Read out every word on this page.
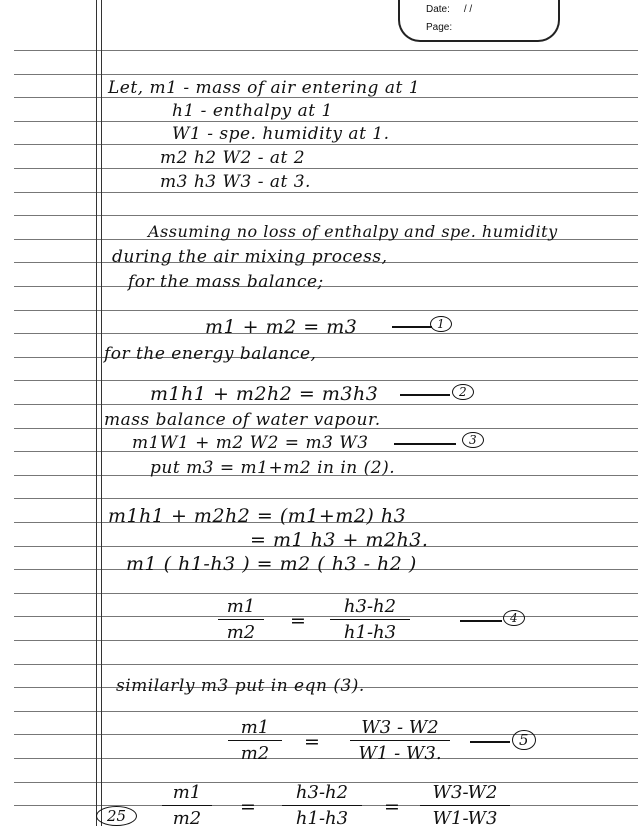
Date: / /
Page:
Let, m1 - mass of air entering at 1
h1 - enthalpy at 1
W1 - spe. humidity at 1.
m2 h2 W2 - at 2
m3 h3 W3 - at 3.
Assuming no loss of enthalpy and spe. humidity
during the air mixing process,
for the mass balance;
m1 + m2 = m3	1
for the energy balance,
m1h1 + m2h2 = m3h3	2
mass balance of water vapour.
m1W1 + m2 W2 = m3 W3	3
put m3 = m1+m2 in in (2).
m1h1 + m2h2 = (m1+m2) h3
= m1 h3 + m2h3.
m1 ( h1-h3 ) = m2 ( h3 - h2 )
m1
m2
=
h3-h2
h1-h3
4
similarly m3 put in eqn (3).
m1
m2
=
W3 - W2
W1 - W3.
5
m1
m2
=
h3-h2
h1-h3
=
W3-W2
W1-W3
25
